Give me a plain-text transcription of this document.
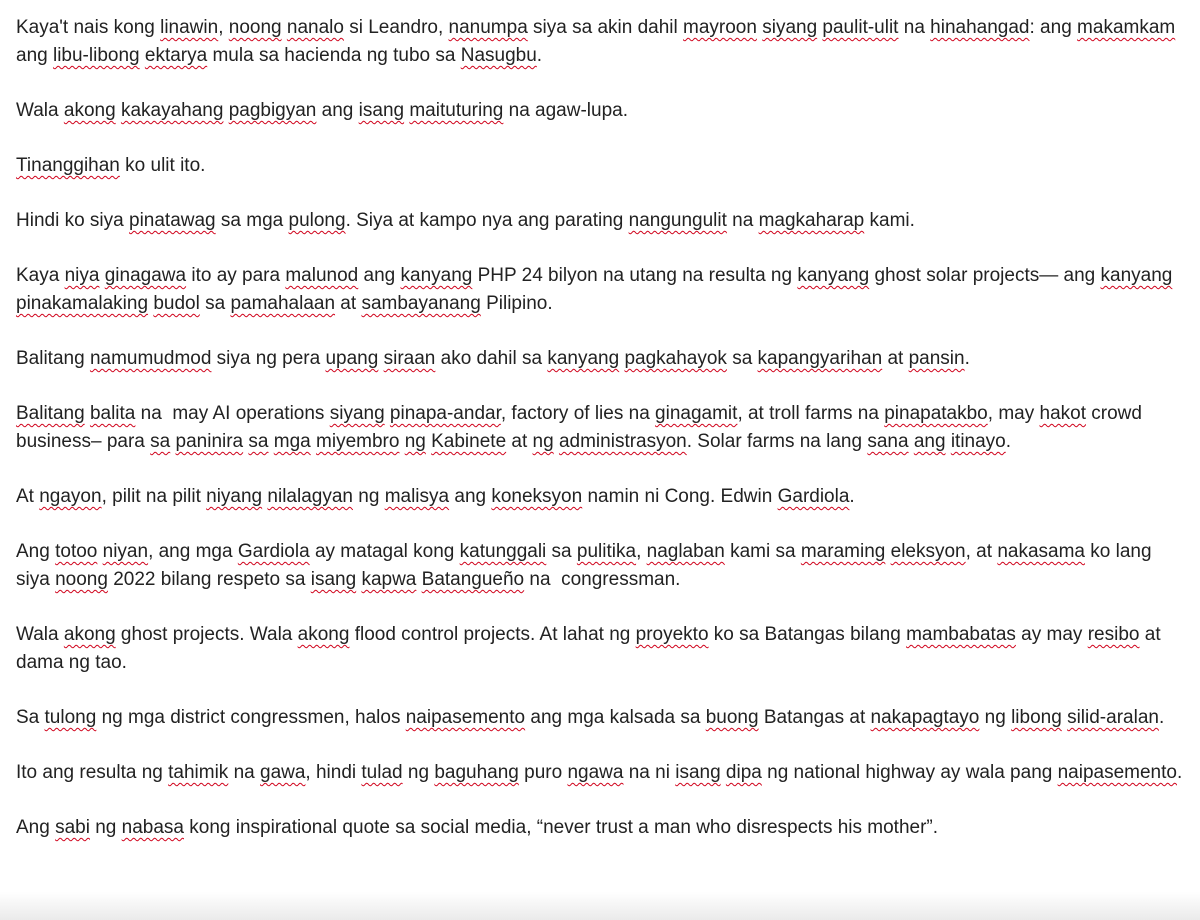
Kaya't nais kong linawin, noong nanalo si Leandro, nanumpa siya sa akin dahil mayroon siyang paulit-ulit na hinahangad: ang makamkam ang libu-libong ektarya mula sa hacienda ng tubo sa Nasugbu.

Wala akong kakayahang pagbigyan ang isang maituturing na agaw-lupa.

Tinanggihan ko ulit ito.

Hindi ko siya pinatawag sa mga pulong. Siya at kampo nya ang parating nangungulit na magkaharap kami.

Kaya niya ginagawa ito ay para malunod ang kanyang PHP 24 bilyon na utang na resulta ng kanyang ghost solar projects— ang kanyang pinakamalaking budol sa pamahalaan at sambayanang Pilipino.

Balitang namumudmod siya ng pera upang siraan ako dahil sa kanyang pagkahayok sa kapangyarihan at pansin.

Balitang balita na  may AI operations siyang pinapa-andar, factory of lies na ginagamit, at troll farms na pinapatakbo, may hakot crowd business– para sa paninira sa mga miyembro ng Kabinete at ng administrasyon. Solar farms na lang sana ang itinayo.

At ngayon, pilit na pilit niyang nilalagyan ng malisya ang koneksyon namin ni Cong. Edwin Gardiola.

Ang totoo niyan, ang mga Gardiola ay matagal kong katunggali sa pulitika, naglaban kami sa maraming eleksyon, at nakasama ko lang siya noong 2022 bilang respeto sa isang kapwa Batangueño na  congressman.

Wala akong ghost projects. Wala akong flood control projects. At lahat ng proyekto ko sa Batangas bilang mambabatas ay may resibo at dama ng tao.

Sa tulong ng mga district congressmen, halos naipasemento ang mga kalsada sa buong Batangas at nakapagtayo ng libong silid-aralan.

Ito ang resulta ng tahimik na gawa, hindi tulad ng baguhang puro ngawa na ni isang dipa ng national highway ay wala pang naipasemento.

Ang sabi ng nabasa kong inspirational quote sa social media, “never trust a man who disrespects his mother”.
